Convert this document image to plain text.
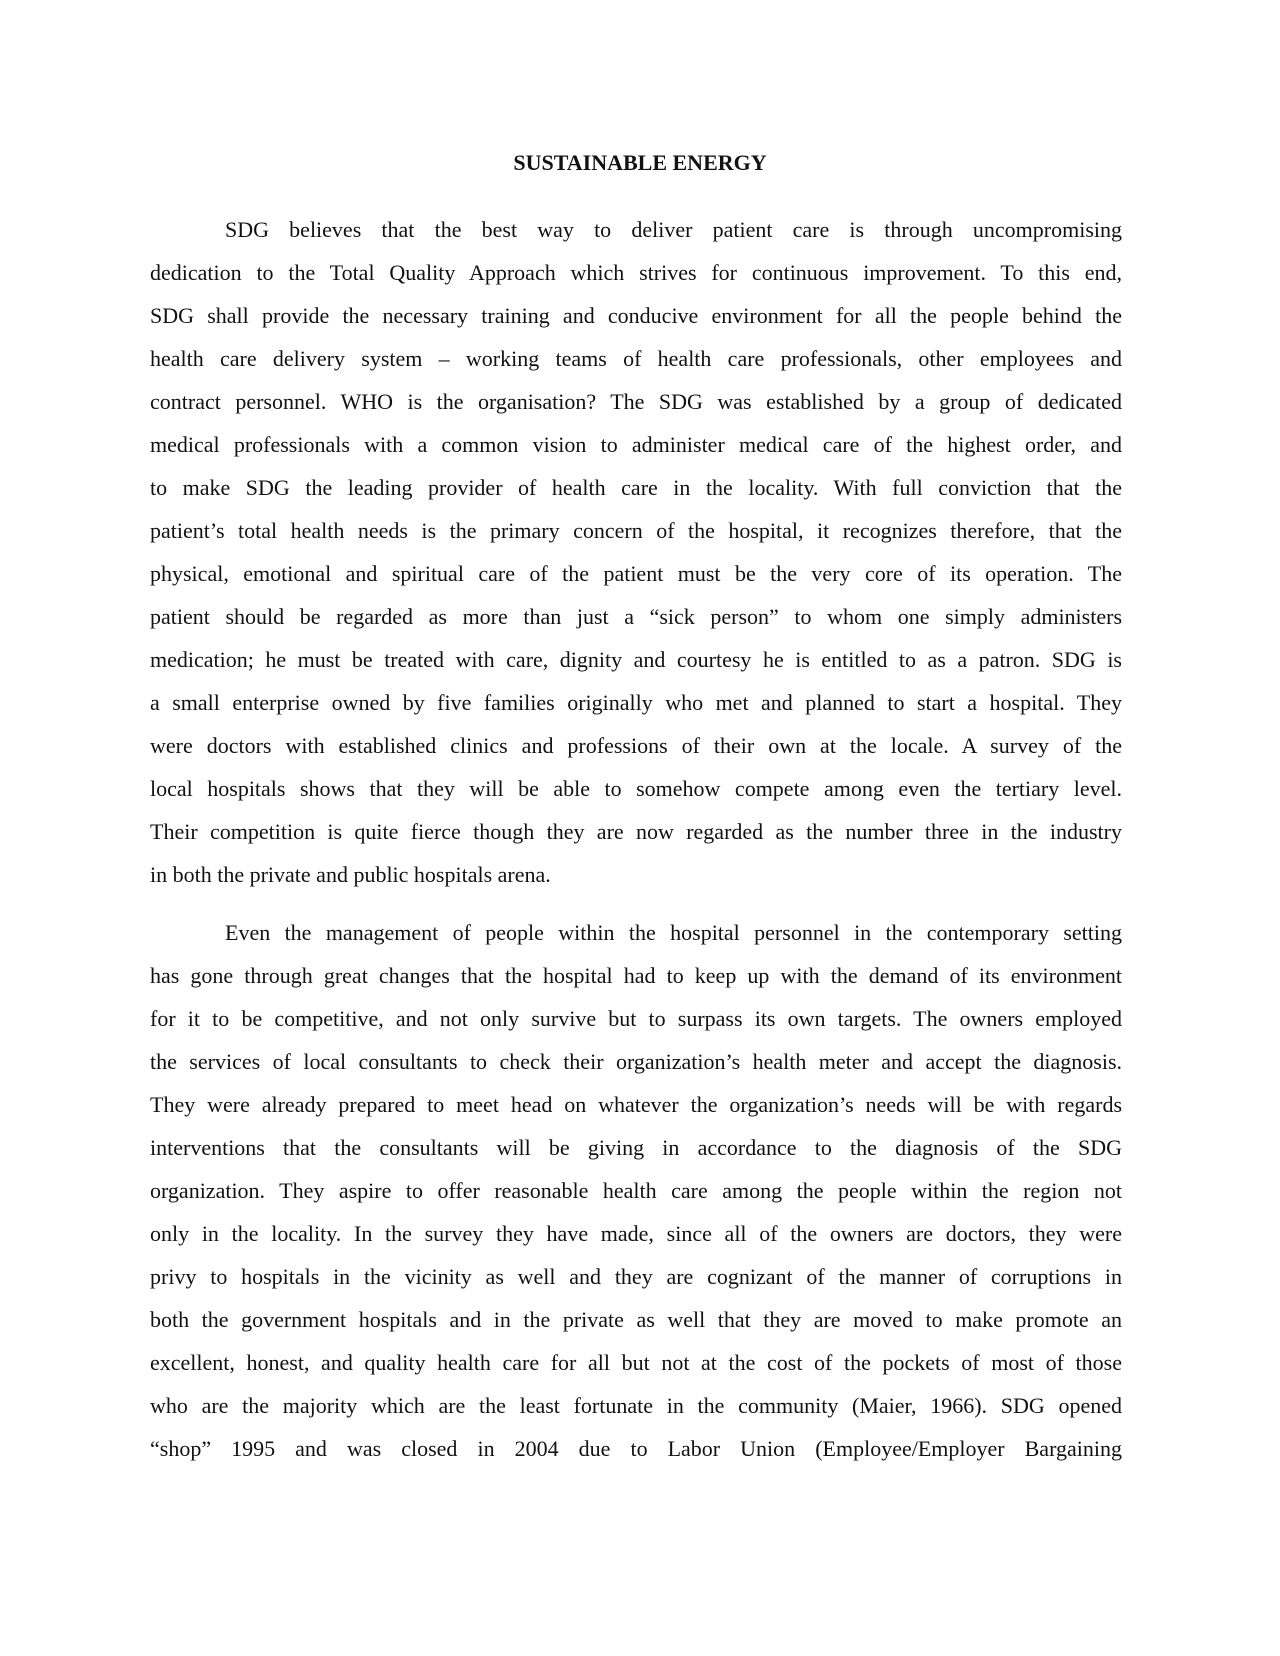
SUSTAINABLE ENERGY
SDG believes that the best way to deliver patient care is through uncompromising
dedication to the Total Quality Approach which strives for continuous improvement. To this end,
SDG shall provide the necessary training and conducive environment for all the people behind the
health care delivery system – working teams of health care professionals, other employees and
contract personnel. WHO is the organisation? The SDG was established by a group of dedicated
medical professionals with a common vision to administer medical care of the highest order, and
to make SDG the leading provider of health care in the locality. With full conviction that the
patient’s total health needs is the primary concern of the hospital, it recognizes therefore, that the
physical, emotional and spiritual care of the patient must be the very core of its operation. The
patient should be regarded as more than just a “sick person” to whom one simply administers
medication; he must be treated with care, dignity and courtesy he is entitled to as a patron. SDG is
a small enterprise owned by five families originally who met and planned to start a hospital. They
were doctors with established clinics and professions of their own at the locale. A survey of the
local hospitals shows that they will be able to somehow compete among even the tertiary level.
Their competition is quite fierce though they are now regarded as the number three in the industry
in both the private and public hospitals arena.
Even the management of people within the hospital personnel in the contemporary setting
has gone through great changes that the hospital had to keep up with the demand of its environment
for it to be competitive, and not only survive but to surpass its own targets. The owners employed
the services of local consultants to check their organization’s health meter and accept the diagnosis.
They were already prepared to meet head on whatever the organization’s needs will be with regards
interventions that the consultants will be giving in accordance to the diagnosis of the SDG
organization. They aspire to offer reasonable health care among the people within the region not
only in the locality. In the survey they have made, since all of the owners are doctors, they were
privy to hospitals in the vicinity as well and they are cognizant of the manner of corruptions in
both the government hospitals and in the private as well that they are moved to make promote an
excellent, honest, and quality health care for all but not at the cost of the pockets of most of those
who are the majority which are the least fortunate in the community (Maier, 1966). SDG opened
“shop” 1995 and was closed in 2004 due to Labor Union (Employee/Employer Bargaining
